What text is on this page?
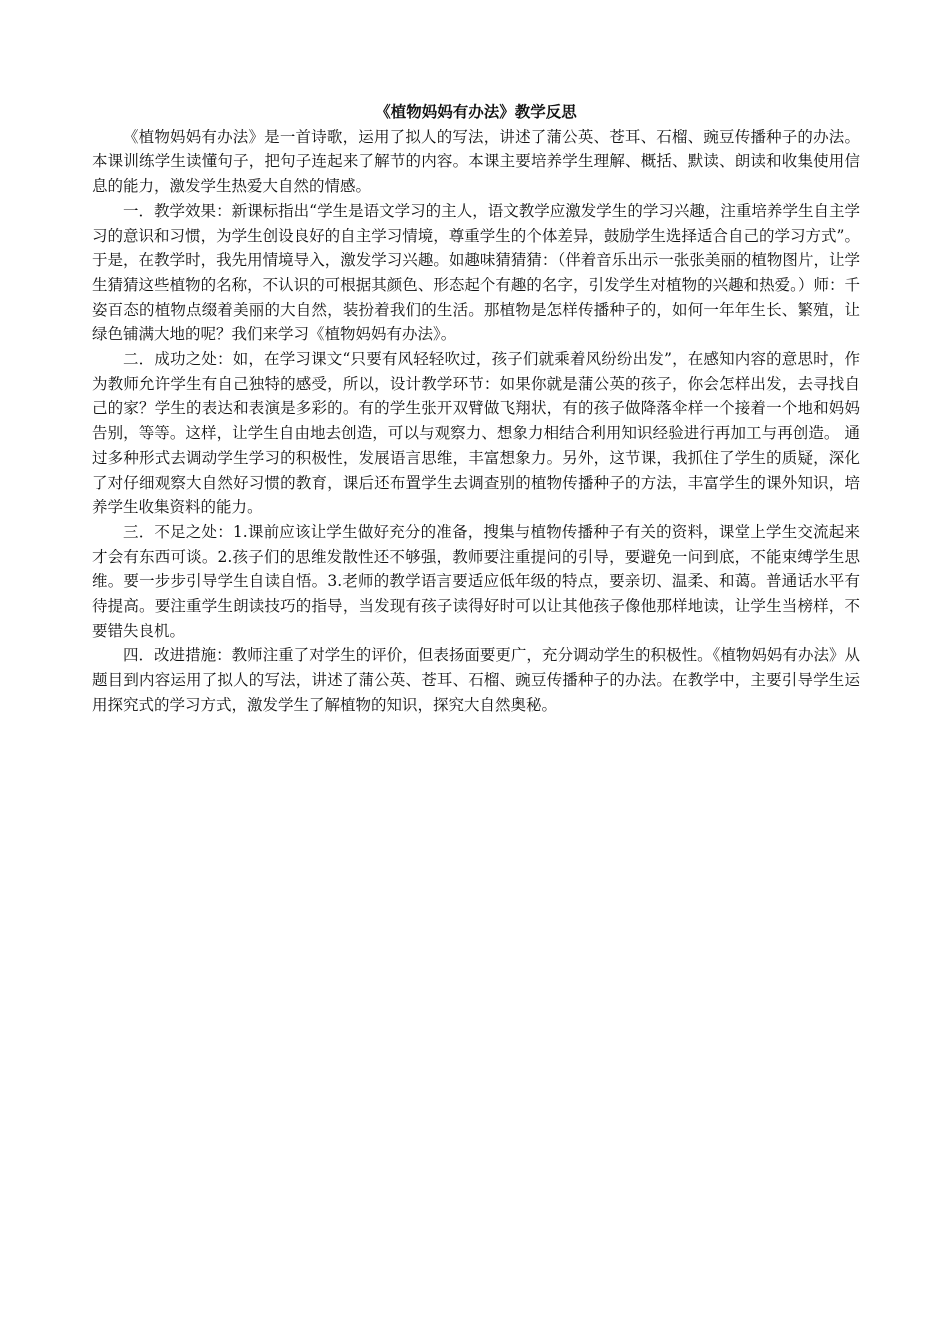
《植物妈妈有办法》教学反思

《植物妈妈有办法》是一首诗歌，运用了拟人的写法，讲述了蒲公英、苍耳、石榴、豌豆传播种子的办法。本课训练学生读懂句子，把句子连起来了解节的内容。本课主要培养学生理解、概括、默读、朗读和收集使用信息的能力，激发学生热爱大自然的情感。

一．教学效果：新课标指出“学生是语文学习的主人，语文教学应激发学生的学习兴趣，注重培养学生自主学习的意识和习惯，为学生创设良好的自主学习情境，尊重学生的个体差异，鼓励学生选择适合自己的学习方式”。于是，在教学时，我先用情境导入，激发学习兴趣。如趣味猜猜猜：（伴着音乐出示一张张美丽的植物图片，让学生猜猜这些植物的名称，不认识的可根据其颜色、形态起个有趣的名字，引发学生对植物的兴趣和热爱。）师：千姿百态的植物点缀着美丽的大自然，装扮着我们的生活。那植物是怎样传播种子的，如何一年年生长、繁殖，让绿色铺满大地的呢？我们来学习《植物妈妈有办法》。

二．成功之处：如，在学习课文“只要有风轻轻吹过，孩子们就乘着风纷纷出发”，在感知内容的意思时，作为教师允许学生有自己独特的感受，所以，设计教学环节：如果你就是蒲公英的孩子，你会怎样出发，去寻找自己的家？学生的表达和表演是多彩的。有的学生张开双臂做飞翔状，有的孩子做降落伞样一个接着一个地和妈妈告别，等等。这样，让学生自由地去创造，可以与观察力、想象力相结合利用知识经验进行再加工与再创造。 通过多种形式去调动学生学习的积极性，发展语言思维，丰富想象力。另外，这节课，我抓住了学生的质疑，深化了对仔细观察大自然好习惯的教育，课后还布置学生去调查别的植物传播种子的方法，丰富学生的课外知识，培养学生收集资料的能力。

三．不足之处：1.课前应该让学生做好充分的准备，搜集与植物传播种子有关的资料，课堂上学生交流起来才会有东西可谈。2.孩子们的思维发散性还不够强，教师要注重提问的引导，要避免一问到底，不能束缚学生思维。要一步步引导学生自读自悟。3.老师的教学语言要适应低年级的特点，要亲切、温柔、和蔼。普通话水平有待提高。要注重学生朗读技巧的指导，当发现有孩子读得好时可以让其他孩子像他那样地读，让学生当榜样，不要错失良机。

四．改进措施：教师注重了对学生的评价，但表扬面要更广，充分调动学生的积极性。《植物妈妈有办法》从题目到内容运用了拟人的写法，讲述了蒲公英、苍耳、石榴、豌豆传播种子的办法。在教学中，主要引导学生运用探究式的学习方式，激发学生了解植物的知识，探究大自然奥秘。
